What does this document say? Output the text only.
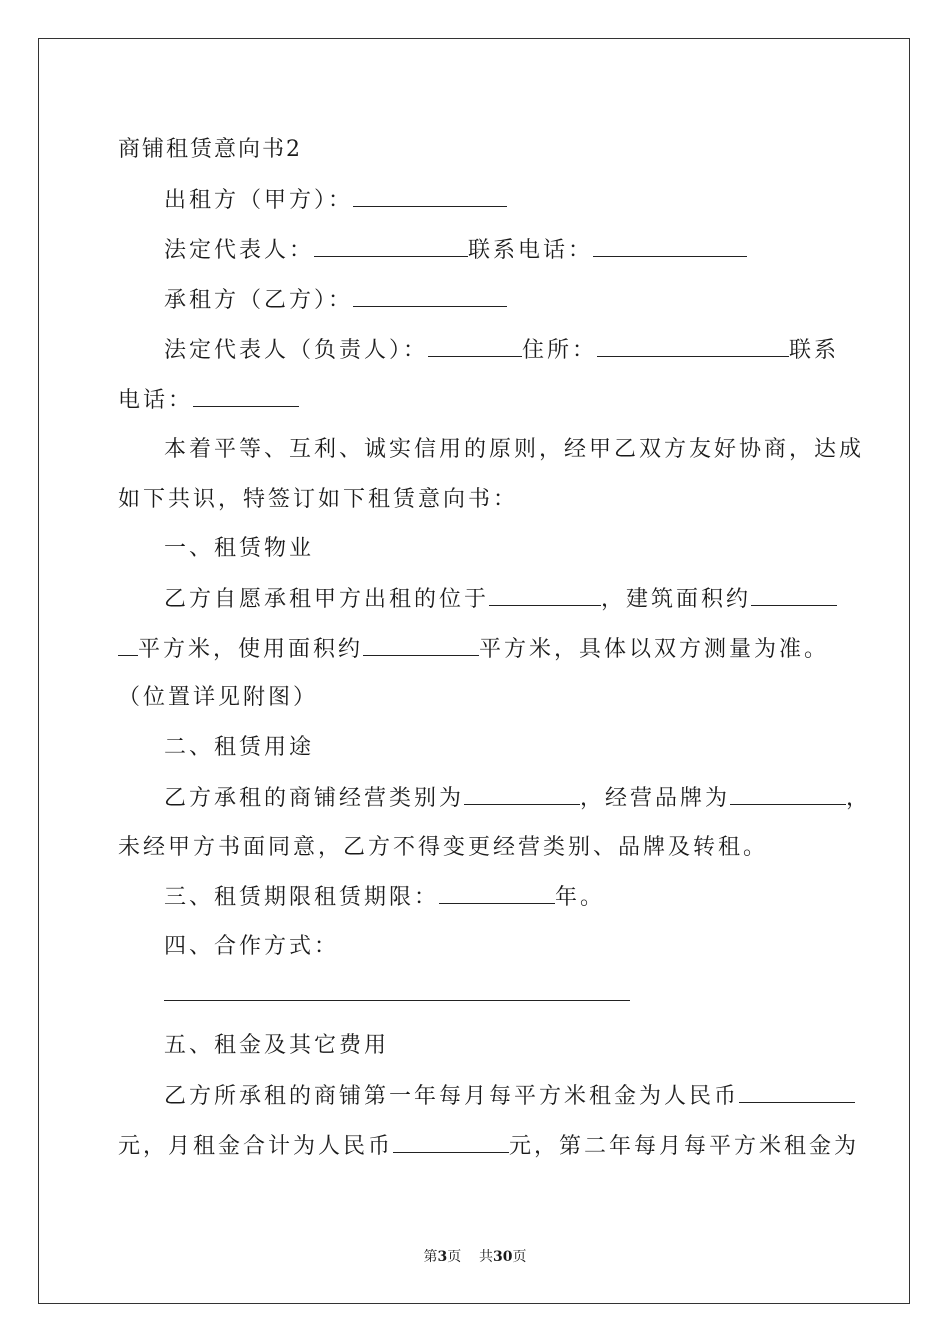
商铺租赁意向书2
出租方（甲方）：
法定代表人：	联系电话：
承租方（乙方）：
法定代表人（负责人）：	住所：	联系
电话：
本着平等、互利、诚实信用的原则，经甲乙双方友好协商，达成
如下共识，特签订如下租赁意向书：
一、租赁物业
乙方自愿承租甲方出租的位于	，建筑面积约
平方米，使用面积约	平方米，具体以双方测量为准。
（位置详见附图）
二、租赁用途
乙方承租的商铺经营类别为	，经营品牌为	，
未经甲方书面同意，乙方不得变更经营类别、品牌及转租。
三、租赁期限租赁期限：	年。
四、合作方式：
五、租金及其它费用
乙方所承租的商铺第一年每月每平方米租金为人民币
元，月租金合计为人民币	元，第二年每月每平方米租金为
第3页 共30页
